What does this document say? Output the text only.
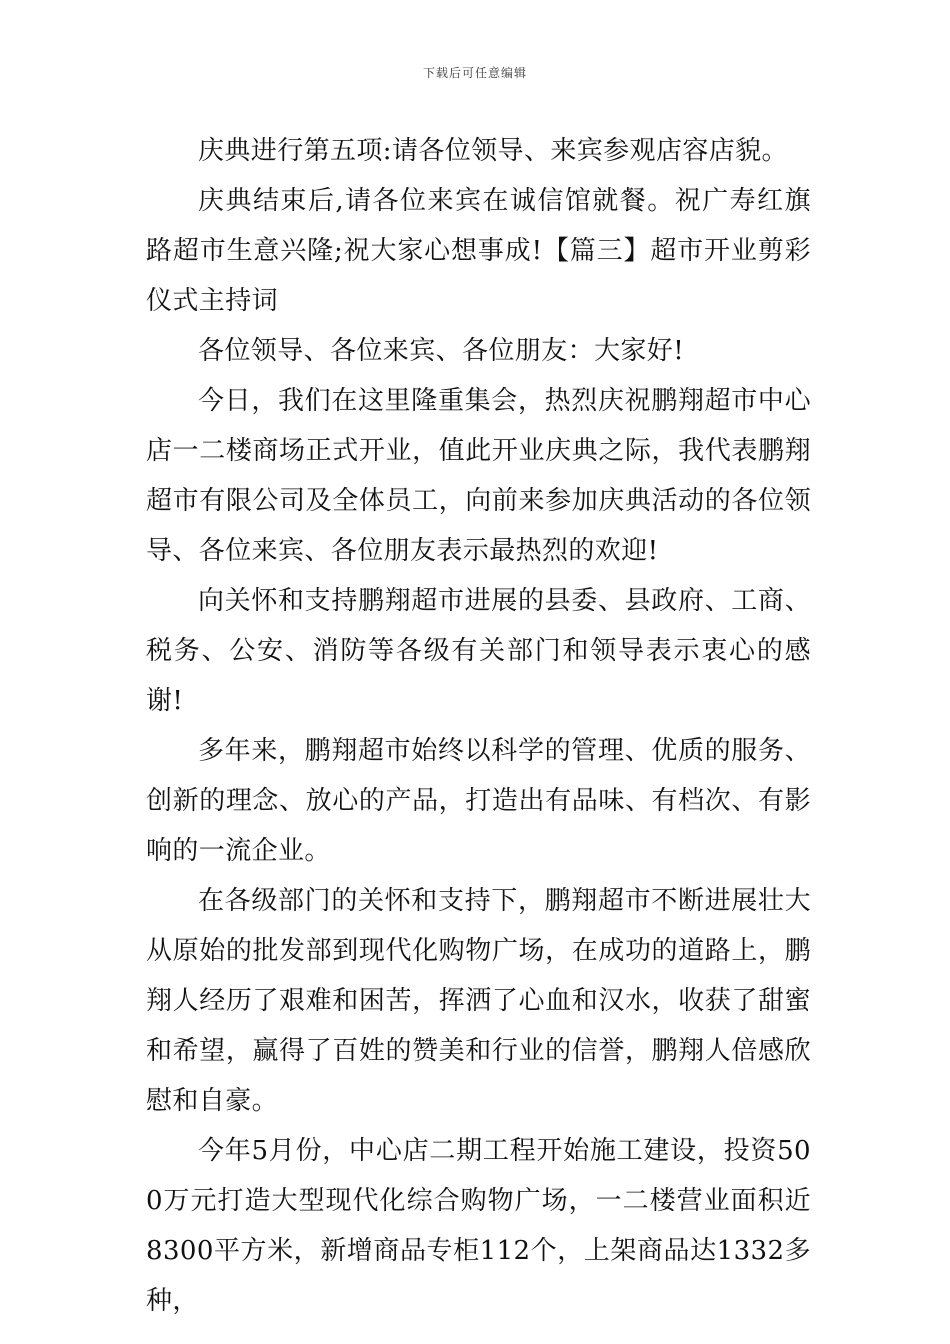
下载后可任意编辑

庆典进行第五项:请各位领导、来宾参观店容店貌。

庆典结束后,请各位来宾在诚信馆就餐。祝广寿红旗路超市生意兴隆;祝大家心想事成!【篇三】超市开业剪彩仪式主持词

各位领导、各位来宾、各位朋友：大家好!

今日，我们在这里隆重集会，热烈庆祝鹏翔超市中心店一二楼商场正式开业，值此开业庆典之际，我代表鹏翔超市有限公司及全体员工，向前来参加庆典活动的各位领导、各位来宾、各位朋友表示最热烈的欢迎!

向关怀和支持鹏翔超市进展的县委、县政府、工商、税务、公安、消防等各级有关部门和领导表示衷心的感谢!

多年来，鹏翔超市始终以科学的管理、优质的服务、创新的理念、放心的产品，打造出有品味、有档次、有影响的一流企业。

在各级部门的关怀和支持下，鹏翔超市不断进展壮大从原始的批发部到现代化购物广场，在成功的道路上，鹏翔人经历了艰难和困苦，挥洒了心血和汉水，收获了甜蜜和希望，赢得了百姓的赞美和行业的信誉，鹏翔人倍感欣慰和自豪。

今年5月份，中心店二期工程开始施工建设，投资500万元打造大型现代化综合购物广场，一二楼营业面积近8300平方米，新增商品专柜112个，上架商品达1332多种，
